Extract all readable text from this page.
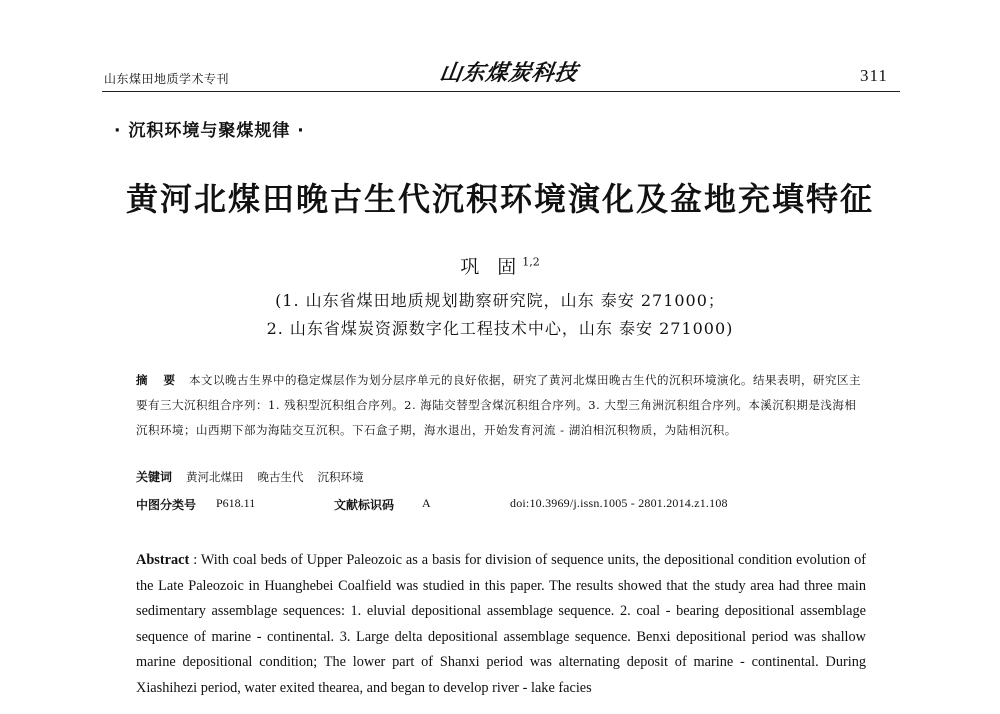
山东煤田地质学术专刊	山东煤炭科技	311
· 沉积环境与聚煤规律 ·
黄河北煤田晚古生代沉积环境演化及盆地充填特征
巩 固$^{1,2}$
(1. 山东省煤田地质规划勘察研究院，山东 泰安 271000；
2. 山东省煤炭资源数字化工程技术中心，山东 泰安 271000)
摘 要 本文以晚古生界中的稳定煤层作为划分层序单元的良好依据，研究了黄河北煤田晚古生代的沉积环境演化。结果表明，研究区主要有三大沉积组合序列：1. 残积型沉积组合序列。2. 海陆交替型含煤沉积组合序列。3. 大型三角洲沉积组合序列。本溪沉积期是浅海相沉积环境；山西期下部为海陆交互沉积。下石盒子期，海水退出，开始发育河流 - 湖泊相沉积物质，为陆相沉积。
关键词 黄河北煤田 晚古生代 沉积环境
中图分类号 P618.11	文献标识码 A	doi:10.3969/j.issn.1005 - 2801.2014.z1.108
Abstract : With coal beds of Upper Paleozoic as a basis for division of sequence units, the depositional condition evolution of the Late Paleozoic in Huanghebei Coalfield was studied in this paper. The results showed that the study area had three main sedimentary assemblage sequences: 1. eluvial depositional assemblage sequence. 2. coal - bearing depositional assemblage sequence of marine - continental. 3. Large delta depositional assemblage sequence. Benxi depositional period was shallow marine depositional condition; The lower part of Shanxi period was alternating deposit of marine - continental. During Xiashihezi period, water exited thearea, and began to develop river - lake facies
